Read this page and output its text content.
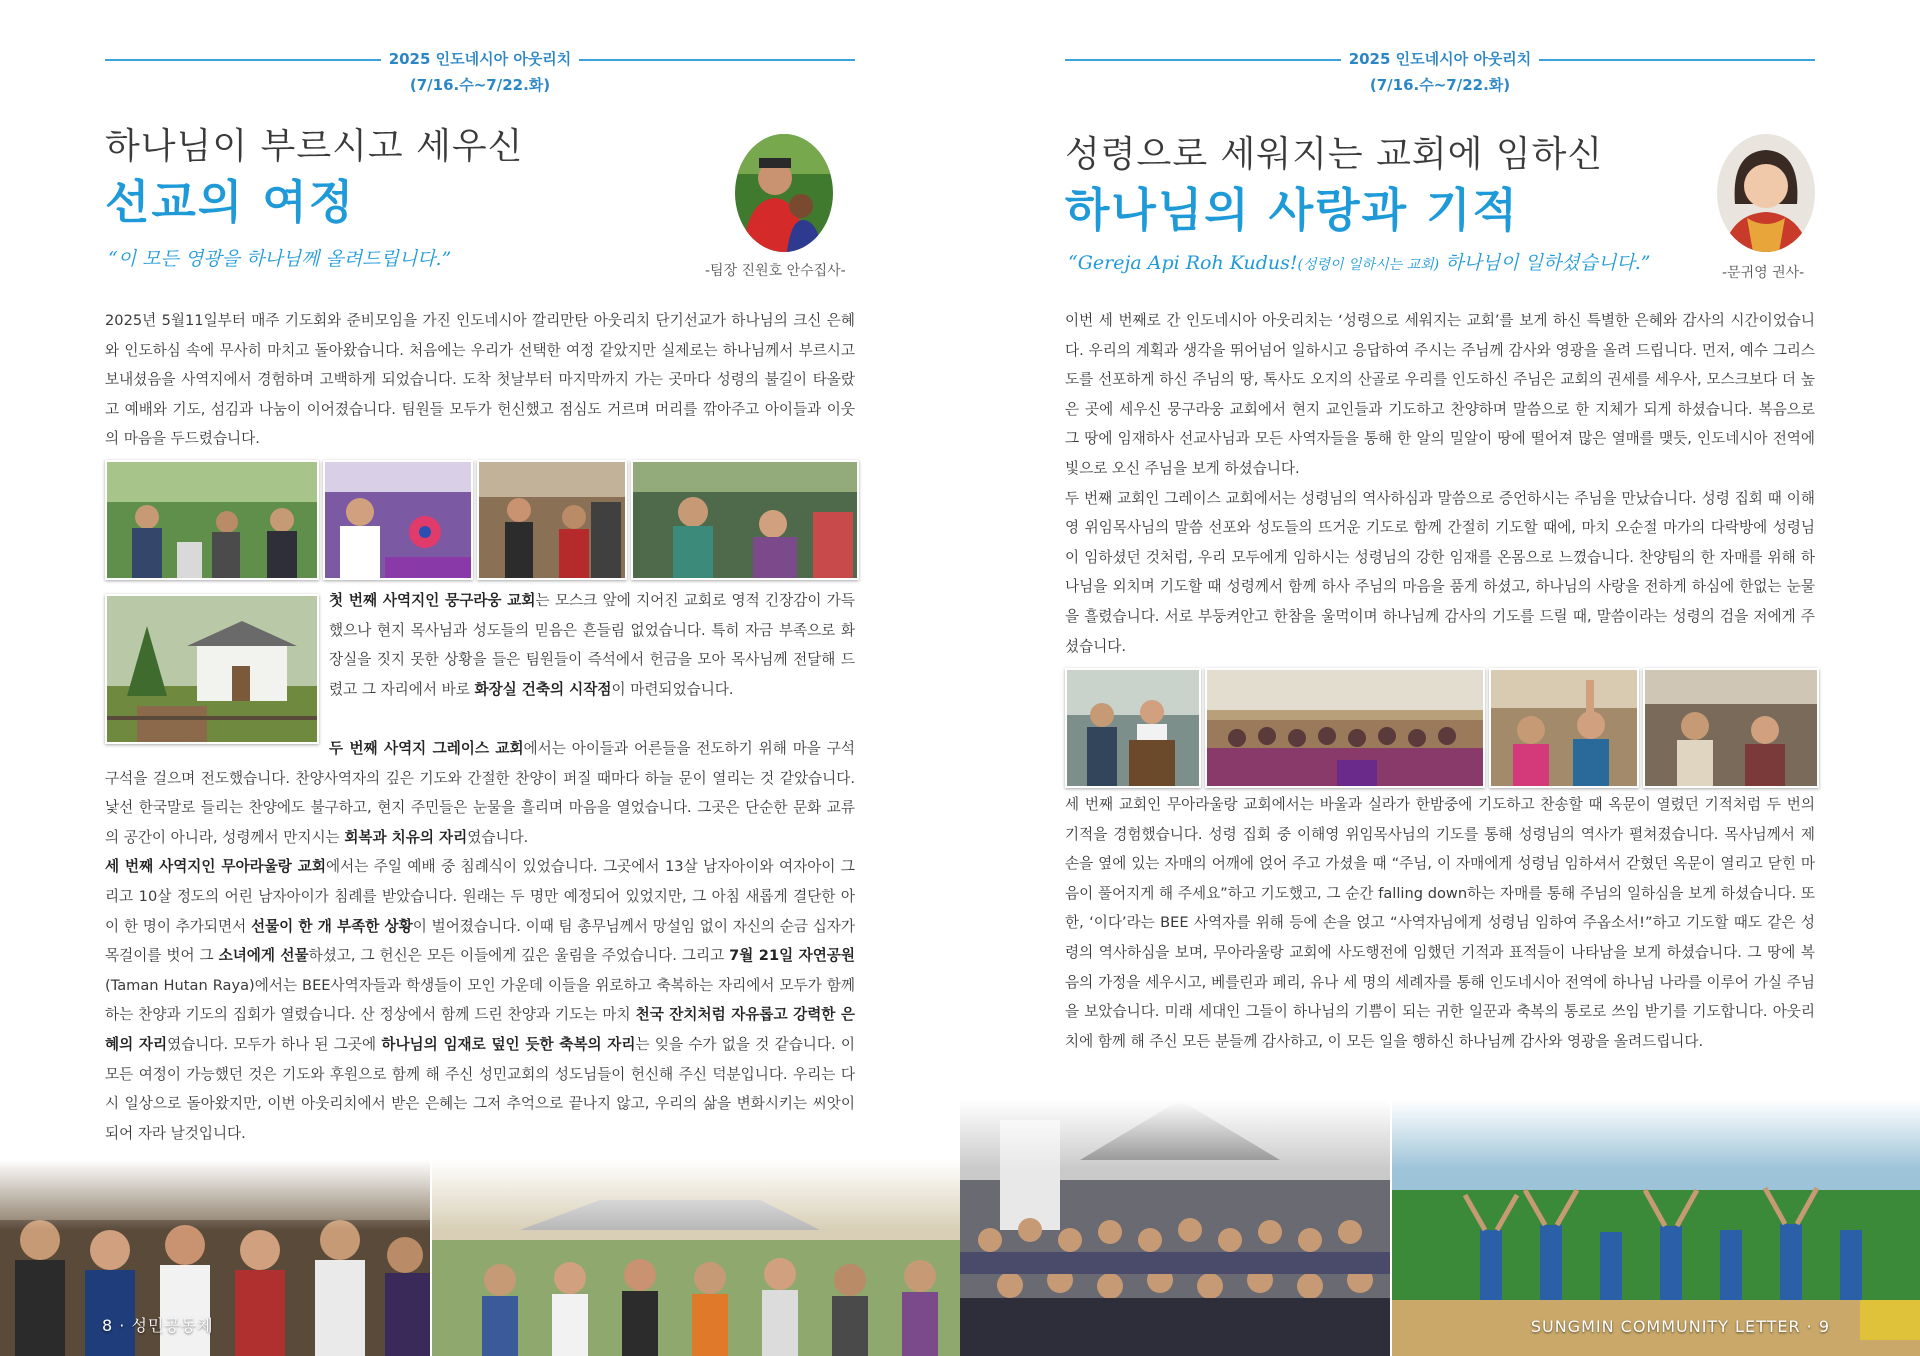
2025 인도네시아 아웃리치
(7/16.수~7/22.화)
하나님이 부르시고 세우신
선교의 여정
“이 모든 영광을 하나님께 올려드립니다.”
-팀장 진원호 안수집사-
2025년 5월11일부터 매주 기도회와 준비모임을 가진 인도네시아 깔리만탄 아웃리치 단기선교가 하나님의 크신 은혜와 인도하심 속에 무사히 마치고 돌아왔습니다. 처음에는 우리가 선택한 여정 같았지만 실제로는 하나님께서 부르시고 보내셨음을 사역지에서 경험하며 고백하게 되었습니다. 도착 첫날부터 마지막까지 가는 곳마다 성령의 불길이 타올랐고 예배와 기도, 섬김과 나눔이 이어졌습니다. 팀원들 모두가 헌신했고 점심도 거르며 머리를 깎아주고 아이들과 이웃의 마음을 두드렸습니다.

첫 번째 사역지인 뭉구라웅 교회는 모스크 앞에 지어진 교회로 영적 긴장감이 가득 했으나 현지 목사님과 성도들의 믿음은 흔들림 없었습니다. 특히 자금 부족으로 화장실을 짓지 못한 상황을 들은 팀원들이 즉석에서 헌금을 모아 목사님께 전달해 드렸고 그 자리에서 바로 화장실 건축의 시작점이 마련되었습니다.

두 번째 사역지 그레이스 교회에서는 아이들과 어른들을 전도하기 위해 마을 구석구석을 걸으며 전도했습니다. 찬양사역자의 깊은 기도와 간절한 찬양이 퍼질 때마다 하늘 문이 열리는 것 같았습니다. 낯선 한국말로 들리는 찬양에도 불구하고, 현지 주민들은 눈물을 흘리며 마음을 열었습니다. 그곳은 단순한 문화 교류의 공간이 아니라, 성령께서 만지시는 회복과 치유의 자리였습니다.

세 번째 사역지인 무아라울랑 교회에서는 주일 예배 중 침례식이 있었습니다. 그곳에서 13살 남자아이와 여자아이 그리고 10살 정도의 어린 남자아이가 침례를 받았습니다. 원래는 두 명만 예정되어 있었지만, 그 아침 새롭게 결단한 아이 한 명이 추가되면서 선물이 한 개 부족한 상황이 벌어졌습니다. 이때 팀 총무님께서 망설임 없이 자신의 순금 십자가 목걸이를 벗어 그 소녀에게 선물하셨고, 그 헌신은 모든 이들에게 깊은 울림을 주었습니다. 그리고 7월 21일 자연공원(Taman Hutan Raya)에서는 BEE사역자들과 학생들이 모인 가운데 이들을 위로하고 축복하는 자리에서 모두가 함께하는 찬양과 기도의 집회가 열렸습니다. 산 정상에서 함께 드린 찬양과 기도는 마치 천국 잔치처럼 자유롭고 강력한 은혜의 자리였습니다. 모두가 하나 된 그곳에 하나님의 임재로 덮인 듯한 축복의 자리는 잊을 수가 없을 것 같습니다. 이 모든 여정이 가능했던 것은 기도와 후원으로 함께 해 주신 성민교회의 성도님들이 헌신해 주신 덕분입니다. 우리는 다시 일상으로 돌아왔지만, 이번 아웃리치에서 받은 은혜는 그저 추억으로 끝나지 않고, 우리의 삶을 변화시키는 씨앗이 되어 자라 날것입니다.

8 · 성민공동체
2025 인도네시아 아웃리치
(7/16.수~7/22.화)
성령으로 세워지는 교회에 임하신
하나님의 사랑과 기적
“Gereja Api Roh Kudus!(성령이 일하시는 교회) 하나님이 일하셨습니다.”	-문귀영 권사-

이번 세 번째로 간 인도네시아 아웃리치는 ‘성령으로 세워지는 교회’를 보게 하신 특별한 은혜와 감사의 시간이었습니다. 우리의 계획과 생각을 뛰어넘어 일하시고 응답하여 주시는 주님께 감사와 영광을 올려 드립니다. 먼저, 예수 그리스도를 선포하게 하신 주님의 땅, 톡사도 오지의 산골로 우리를 인도하신 주님은 교회의 권세를 세우사, 모스크보다 더 높은 곳에 세우신 뭉구라웅 교회에서 현지 교인들과 기도하고 찬양하며 말씀으로 한 지체가 되게 하셨습니다. 복음으로 그 땅에 임재하사 선교사님과 모든 사역자들을 통해 한 알의 밀알이 땅에 떨어져 많은 열매를 맺듯, 인도네시아 전역에 빛으로 오신 주님을 보게 하셨습니다.

두 번째 교회인 그레이스 교회에서는 성령님의 역사하심과 말씀으로 증언하시는 주님을 만났습니다. 성령 집회 때 이해영 위임목사님의 말씀 선포와 성도들의 뜨거운 기도로 함께 간절히 기도할 때에, 마치 오순절 마가의 다락방에 성령님이 임하셨던 것처럼, 우리 모두에게 임하시는 성령님의 강한 임재를 온몸으로 느꼈습니다. 찬양팀의 한 자매를 위해 하나님을 외치며 기도할 때 성령께서 함께 하사 주님의 마음을 품게 하셨고, 하나님의 사랑을 전하게 하심에 한없는 눈물을 흘렸습니다. 서로 부둥켜안고 한참을 울먹이며 하나님께 감사의 기도를 드릴 때, 말씀이라는 성령의 검을 저에게 주셨습니다.

세 번째 교회인 무아라울랑 교회에서는 바울과 실라가 한밤중에 기도하고 찬송할 때 옥문이 열렸던 기적처럼 두 번의 기적을 경험했습니다. 성령 집회 중 이해영 위임목사님의 기도를 통해 성령님의 역사가 펼쳐졌습니다. 목사님께서 제 손을 옆에 있는 자매의 어깨에 얹어 주고 가셨을 때 “주님, 이 자매에게 성령님 임하셔서 갇혔던 옥문이 열리고 닫힌 마음이 풀어지게 해 주세요”하고 기도했고, 그 순간 falling down하는 자매를 통해 주님의 일하심을 보게 하셨습니다. 또한, ‘이다’라는 BEE 사역자를 위해 등에 손을 얹고 “사역자님에게 성령님 임하여 주옵소서!”하고 기도할 때도 같은 성령의 역사하심을 보며, 무아라울랑 교회에 사도행전에 임했던 기적과 표적들이 나타남을 보게 하셨습니다. 그 땅에 복음의 가정을 세우시고, 베를린과 페리, 유나 세 명의 세례자를 통해 인도네시아 전역에 하나님 나라를 이루어 가실 주님을 보았습니다. 미래 세대인 그들이 하나님의 기쁨이 되는 귀한 일꾼과 축복의 통로로 쓰임 받기를 기도합니다. 아웃리치에 함께 해 주신 모든 분들께 감사하고, 이 모든 일을 행하신 하나님께 감사와 영광을 올려드립니다.
SUNGMIN COMMUNITY LETTER · 9
